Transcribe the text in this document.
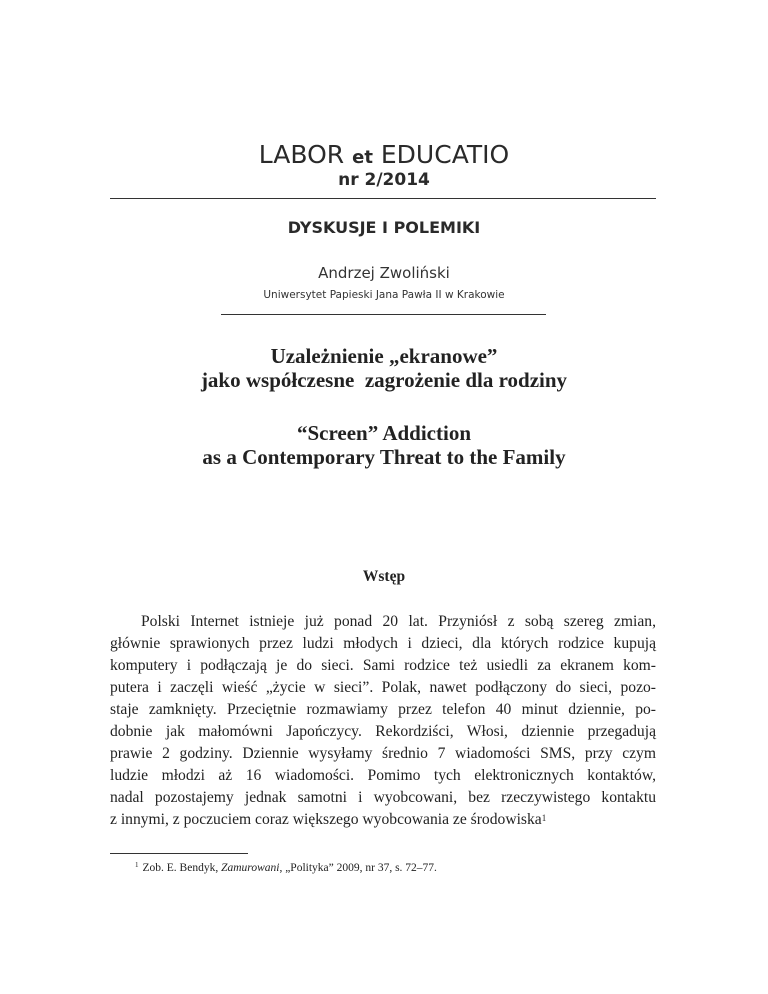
LABOR et EDUCATIO
nr 2/2014
DYSKUSJE I POLEMIKI
Andrzej Zwoliński
Uniwersytet Papieski Jana Pawła II w Krakowie
Uzależnienie „ekranowe”
jako współczesne  zagrożenie dla rodziny
“Screen” Addiction
as a Contemporary Threat to the Family
Wstęp
Polski Internet istnieje już ponad 20 lat. Przyniósł z sobą szereg zmian,
głównie sprawionych przez ludzi młodych i dzieci, dla których rodzice kupują
komputery i podłączają je do sieci. Sami rodzice też usiedli za ekranem kom-
putera i zaczęli wieść „życie w sieci”. Polak, nawet podłączony do sieci, pozo-
staje zamknięty. Przeciętnie rozmawiamy przez telefon 40 minut dziennie, po-
dobnie jak małomówni Japończycy. Rekordziści, Włosi, dziennie przegadują
prawie 2 godziny. Dziennie wysyłamy średnio 7 wiadomości SMS, przy czym
ludzie młodzi aż 16 wiadomości. Pomimo tych elektronicznych kontaktów,
nadal pozostajemy jednak samotni i wyobcowani, bez rzeczywistego kontaktu
z innymi, z poczuciem coraz większego wyobcowania ze środowiska$^1$
$^1$ Zob. E. Bendyk, Zamurowani, „Polityka” 2009, nr 37, s. 72–77.
